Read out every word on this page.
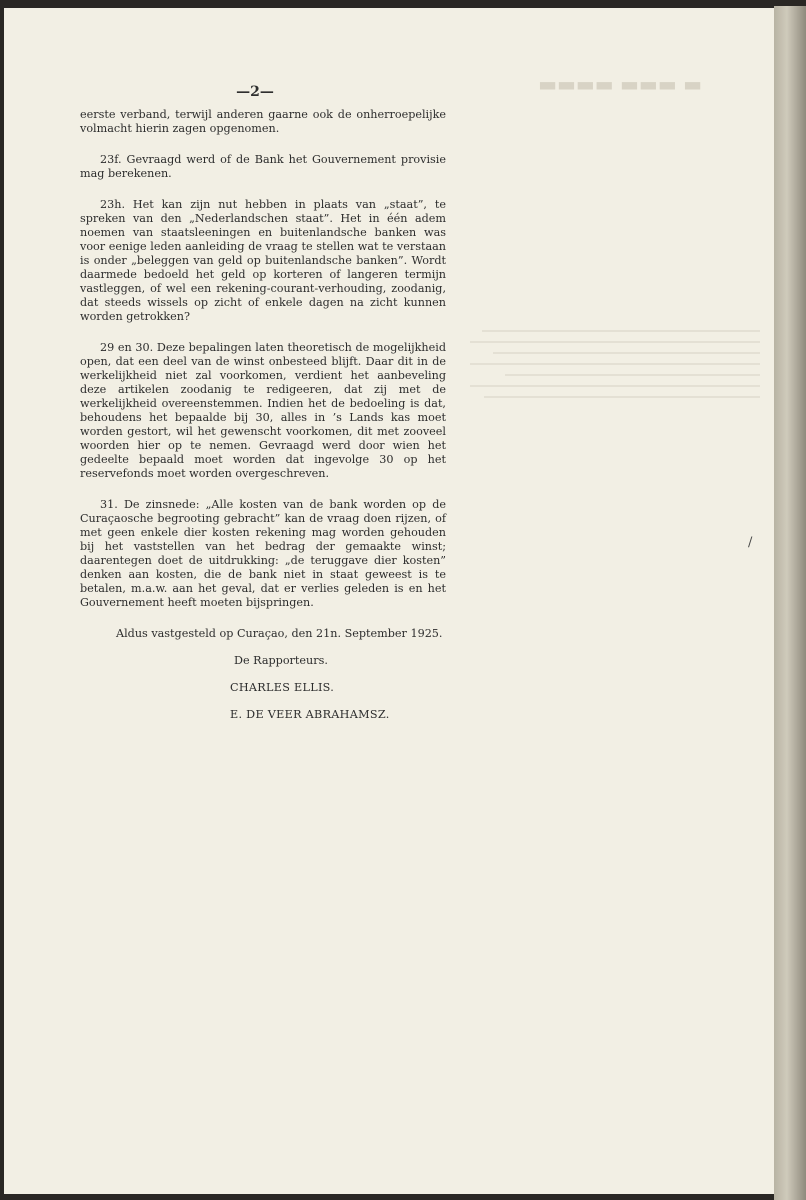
▬ ▬▬▬ ▬▬▬▬
—2—

eerste verband, terwijl anderen gaarne ook de onherroepelijke volmacht hierin zagen opgenomen.

23f. Gevraagd werd of de Bank het Gouvernement provisie mag berekenen.

23h. Het kan zijn nut hebben in plaats van „staat”, te spreken van den „Nederlandschen staat”. Het in één adem noemen van staatsleeningen en buitenlandsche banken was voor eenige leden aanleiding de vraag te stellen wat te verstaan is onder „beleggen van geld op buitenlandsche banken”. Wordt daarmede bedoeld het geld op korteren of langeren termijn vastleggen, of wel een rekening-courant-verhouding, zoodanig, dat steeds wissels op zicht of enkele dagen na zicht kunnen worden getrokken?

29 en 30. Deze bepalingen laten theoretisch de mogelijkheid open, dat een deel van de winst onbesteed blijft. Daar dit in de werkelijkheid niet zal voorkomen, verdient het aanbeveling deze artikelen zoodanig te redigeeren, dat zij met de werkelijkheid overeenstemmen. Indien het de bedoeling is dat, behoudens het bepaalde bij 30, alles in ’s Lands kas moet worden gestort, wil het gewenscht voorkomen, dit met zooveel woorden hier op te nemen. Gevraagd werd door wien het gedeelte bepaald moet worden dat ingevolge 30 op het reservefonds moet worden overgeschreven.

31. De zinsnede: „Alle kosten van de bank worden op de Curaçaosche begrooting gebracht” kan de vraag doen rijzen, of met geen enkele dier kosten rekening mag worden gehouden bij het vaststellen van het bedrag der gemaakte winst; daarentegen doet de uitdrukking: „de teruggave dier kosten” denken aan kosten, die de bank niet in staat geweest is te betalen, m.a.w. aan het geval, dat er verlies geleden is en het Gouvernement heeft moeten bijspringen.

Aldus vastgesteld op Curaçao, den 21n. September 1925.
De Rapporteurs.
CHARLES ELLIS.
E. DE VEER ABRAHAMSZ.
/
